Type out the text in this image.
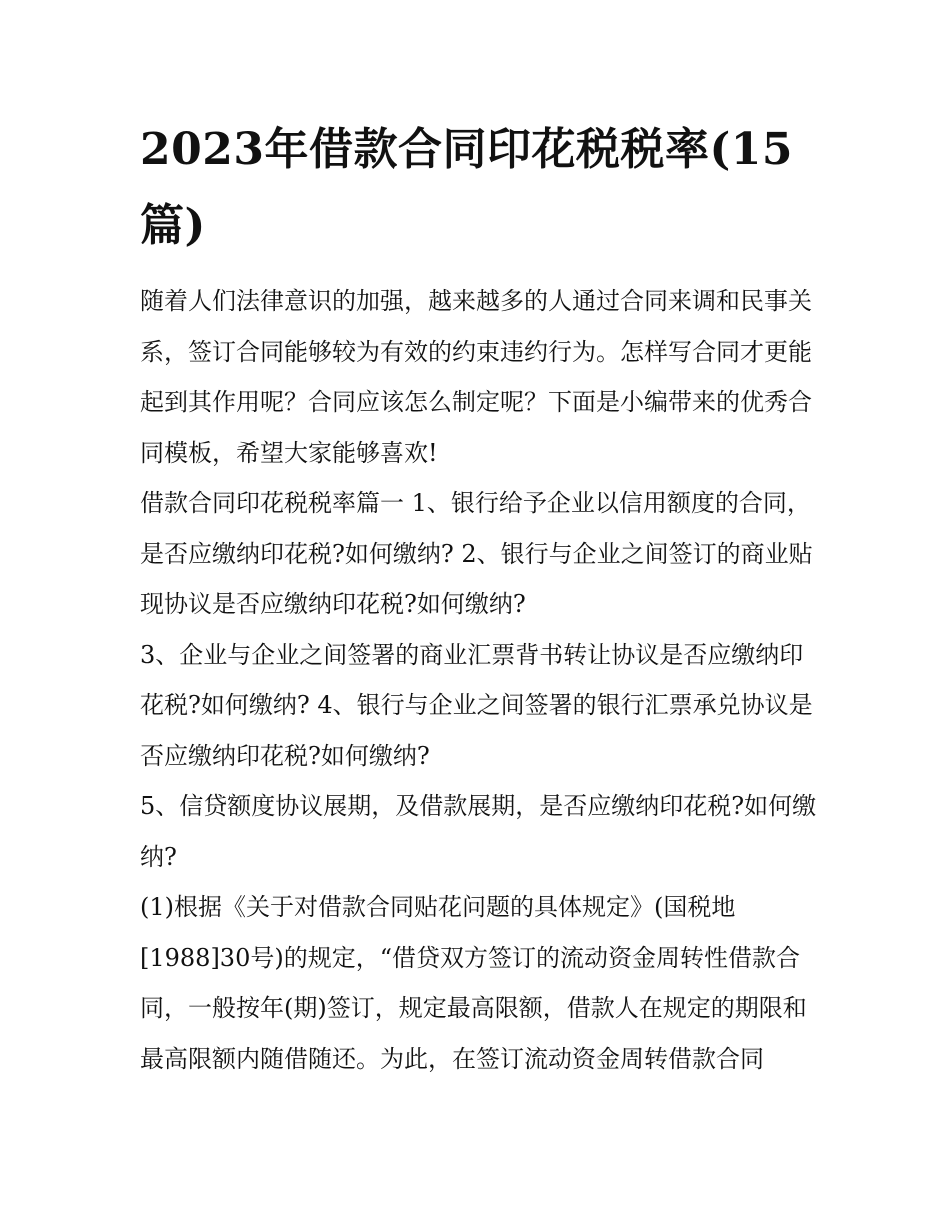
2023年借款合同印花税税率(15篇)

随着人们法律意识的加强，越来越多的人通过合同来调和民事关系，签订合同能够较为有效的约束违约行为。怎样写合同才更能起到其作用呢？合同应该怎么制定呢？下面是小编带来的优秀合同模板，希望大家能够喜欢!

借款合同印花税税率篇一 1、银行给予企业以信用额度的合同，是否应缴纳印花税?如何缴纳? 2、银行与企业之间签订的商业贴现协议是否应缴纳印花税?如何缴纳?

3、企业与企业之间签署的商业汇票背书转让协议是否应缴纳印花税?如何缴纳? 4、银行与企业之间签署的银行汇票承兑协议是否应缴纳印花税?如何缴纳?

5、信贷额度协议展期，及借款展期，是否应缴纳印花税?如何缴纳?

(1)根据《关于对借款合同贴花问题的具体规定》(国税地[1988]30号)的规定，“借贷双方签订的流动资金周转性借款合同，一般按年(期)签订，规定最高限额，借款人在规定的期限和最高限额内随借随还。为此，在签订流动资金周转借款合同
